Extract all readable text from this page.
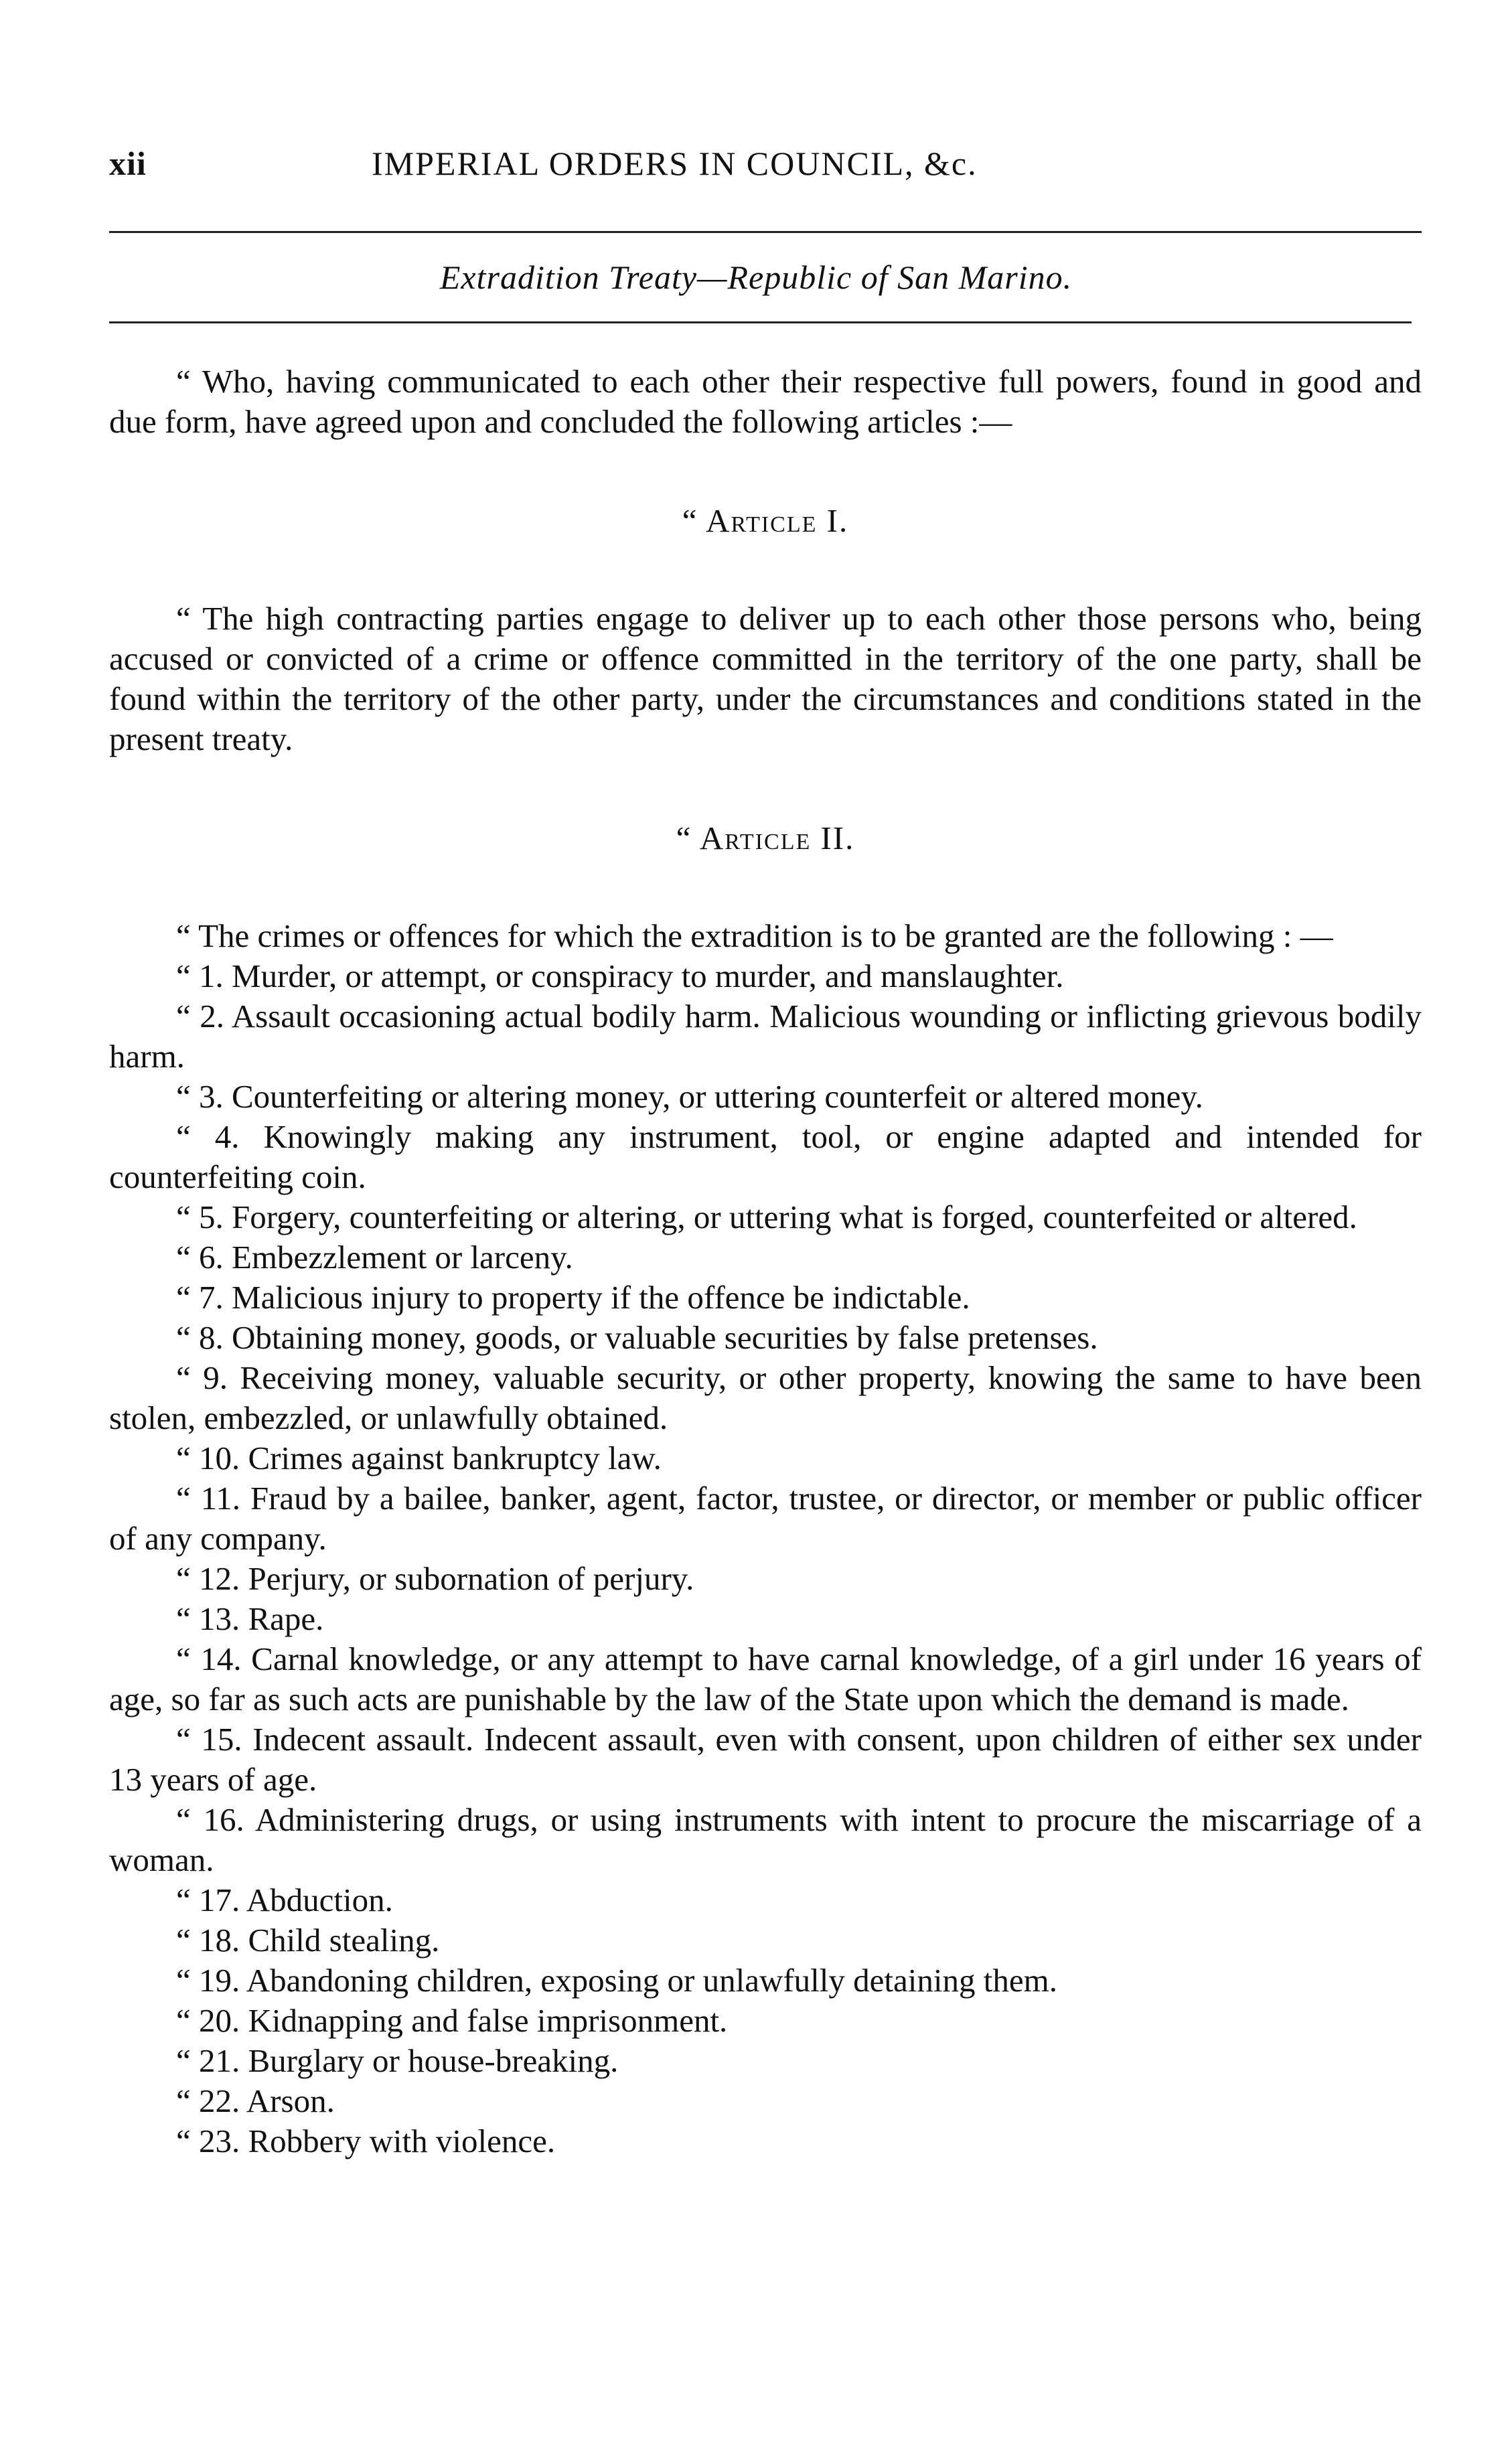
xii	IMPERIAL ORDERS IN COUNCIL, &c.
Extradition Treaty—Republic of San Marino.

“ Who, having communicated to each other their respective full powers, found in good and due form, have agreed upon and concluded the following articles :—

“ Article I.

“ The high contracting parties engage to deliver up to each other those persons who, being accused or convicted of a crime or offence committed in the territory of the one party, shall be found within the territory of the other party, under the circumstances and conditions stated in the present treaty.

“ Article II.

“ The crimes or offences for which the extradition is to be granted are the following : —

“ 1. Murder, or attempt, or conspiracy to murder, and manslaughter.

“ 2. Assault occasioning actual bodily harm. Malicious wounding or inflicting grievous bodily harm.

“ 3. Counterfeiting or altering money, or uttering counterfeit or altered money.

“ 4. Knowingly making any instrument, tool, or engine adapted and intended for counterfeiting coin.

“ 5. Forgery, counterfeiting or altering, or uttering what is forged, counterfeited or altered.

“ 6. Embezzlement or larceny.

“ 7. Malicious injury to property if the offence be indictable.

“ 8. Obtaining money, goods, or valuable securities by false pretenses.

“ 9. Receiving money, valuable security, or other property, knowing the same to have been stolen, embezzled, or unlawfully obtained.

“ 10. Crimes against bankruptcy law.

“ 11. Fraud by a bailee, banker, agent, factor, trustee, or director, or member or public officer of any company.

“ 12. Perjury, or subornation of perjury.

“ 13. Rape.

“ 14. Carnal knowledge, or any attempt to have carnal knowledge, of a girl under 16 years of age, so far as such acts are punishable by the law of the State upon which the demand is made.

“ 15. Indecent assault. Indecent assault, even with consent, upon children of either sex under 13 years of age.

“ 16. Administering drugs, or using instruments with intent to procure the miscarriage of a woman.

“ 17. Abduction.

“ 18. Child stealing.

“ 19. Abandoning children, exposing or unlawfully detaining them.

“ 20. Kidnapping and false imprisonment.

“ 21. Burglary or house-breaking.

“ 22. Arson.

“ 23. Robbery with violence.
